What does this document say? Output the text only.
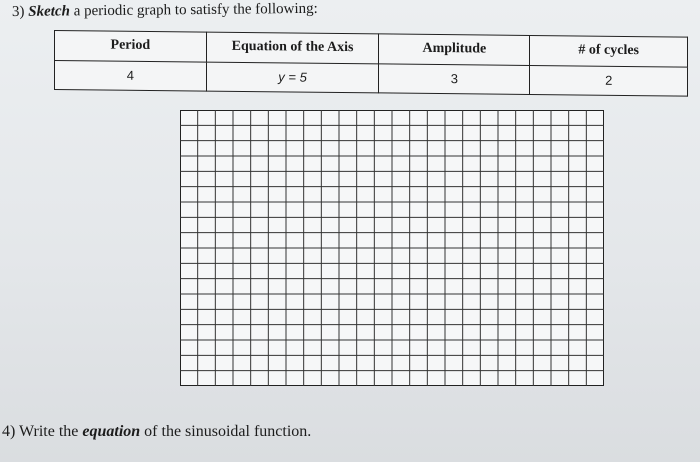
3) Sketch a periodic graph to satisfy the following:

Period	Equation of the Axis	Amplitude	# of cycles
4	y = 5	3	2

4) Write the equation of the sinusoidal function.
